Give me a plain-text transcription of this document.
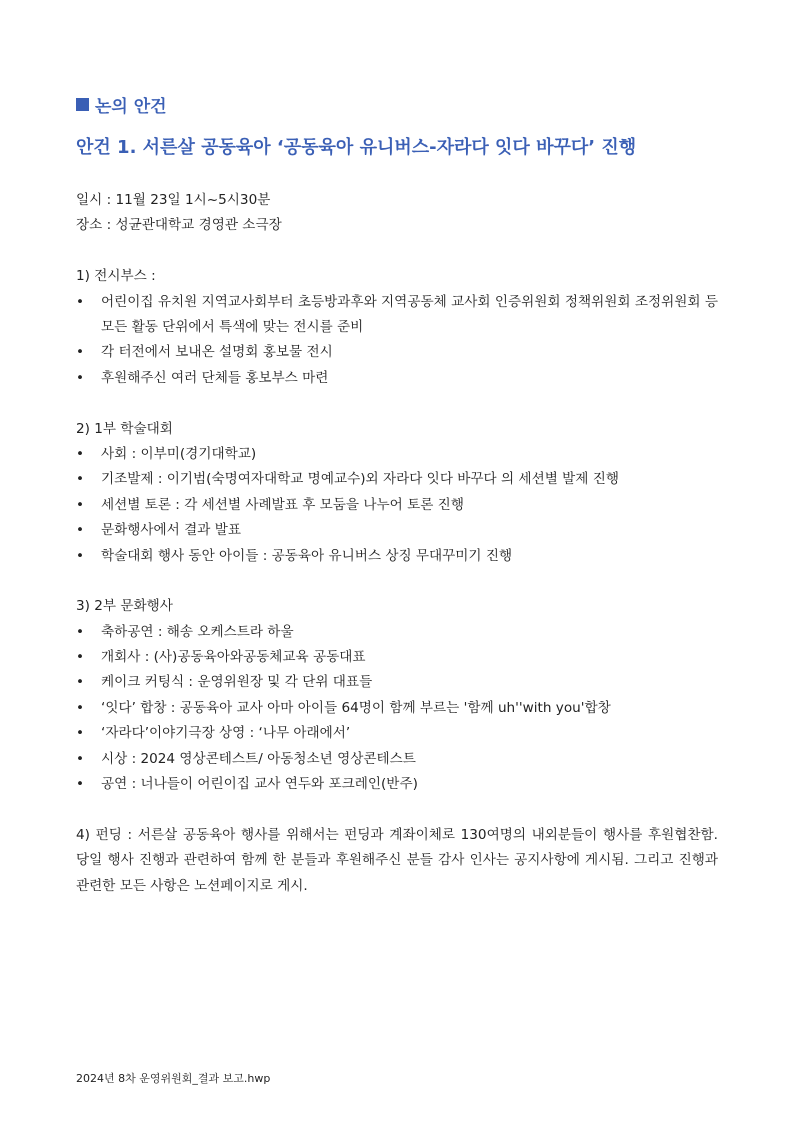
논의 안건
안건 1. 서른살 공동육아 ‘공동육아 유니버스-자라다 잇다 바꾸다’ 진행
일시 : 11월 23일 1시~5시30분
장소 : 성균관대학교 경영관 소극장
1) 전시부스 :
• 어린이집 유치원 지역교사회부터 초등방과후와 지역공동체 교사회 인증위원회 정책위원회 조정위원회 등 모든 활동 단위에서 특색에 맞는 전시를 준비
• 각 터전에서 보내온 설명회 홍보물 전시
• 후원해주신 여러 단체들 홍보부스 마련
2) 1부 학술대회
• 사회 : 이부미(경기대학교)
• 기조발제 : 이기범(숙명여자대학교 명예교수)외 자라다 잇다 바꾸다 의 세션별 발제 진행
• 세션별 토론 : 각 세션별 사례발표 후 모둠을 나누어 토론 진행
• 문화행사에서 결과 발표
• 학술대회 행사 동안 아이들 : 공동육아 유니버스 상징 무대꾸미기 진행
3) 2부 문화행사
• 축하공연 : 해송 오케스트라 하울
• 개회사 : (사)공동육아와공동체교육 공동대표
• 케이크 커팅식 : 운영위원장 및 각 단위 대표들
• ‘잇다’ 합창 : 공동육아 교사 아마 아이들 64명이 함께 부르는 '함께 uh''with you'합창
• ‘자라다’이야기극장 상영 : ‘나무 아래에서’
• 시상 : 2024 영상콘테스트/ 아동청소년 영상콘테스트
• 공연 : 너나들이 어린이집 교사 연두와 포크레인(반주)
4) 펀딩 : 서른살 공동육아 행사를 위해서는 펀딩과 계좌이체로 130여명의 내외분들이 행사를 후원협찬함. 당일 행사 진행과 관련하여 함께 한 분들과 후원해주신 분들 감사 인사는 공지사항에 게시됨. 그리고 진행과 관련한 모든 사항은 노션페이지로 게시.
2024년 8차 운영위원회_결과 보고.hwp
